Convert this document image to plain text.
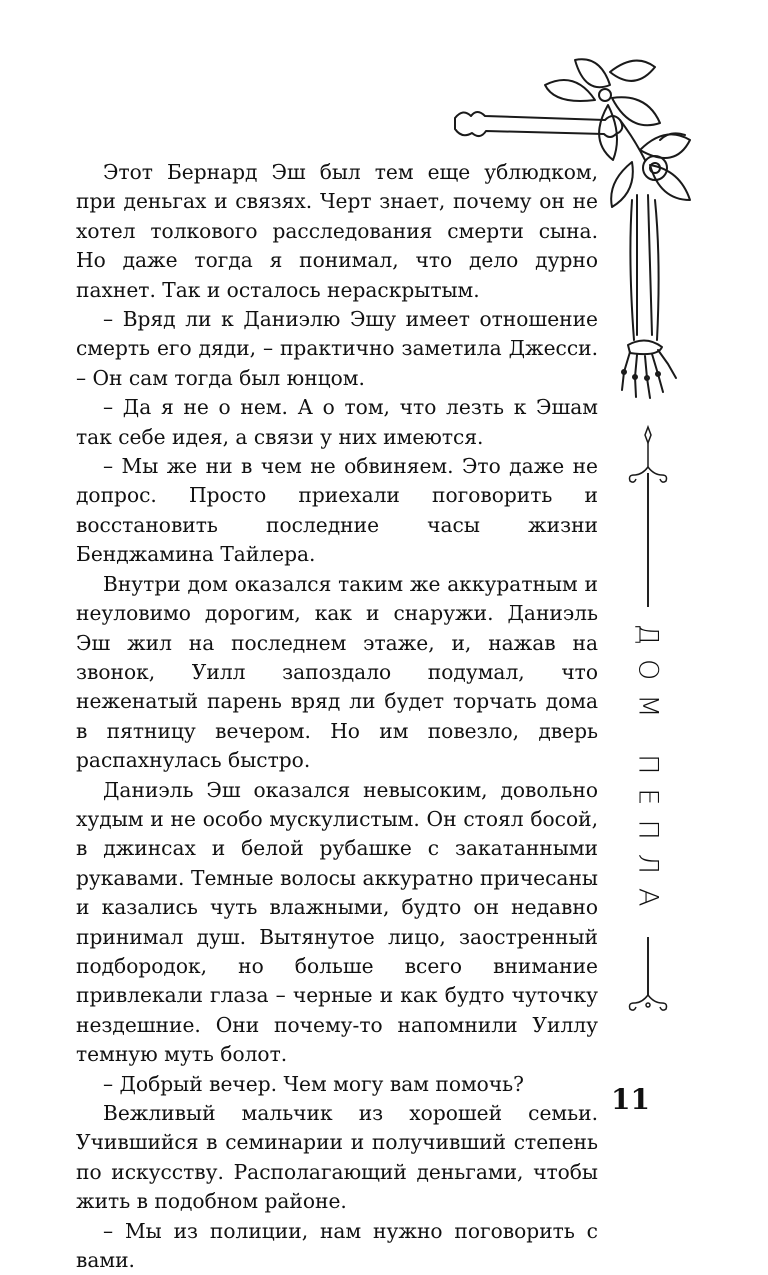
Этот Бернард Эш был тем еще ублюдком, при деньгах и связях. Черт знает, почему он не хотел толкового расследования смерти сына. Но даже тогда я понимал, что дело дурно пахнет. Так и осталось нераскрытым.

– Вряд ли к Даниэлю Эшу имеет отношение смерть его дяди, – практично заметила Джесси. – Он сам тогда был юнцом.

– Да я не о нем. А о том, что лезть к Эшам так себе идея, а связи у них имеются.

– Мы же ни в чем не обвиняем. Это даже не допрос. Просто приехали поговорить и восстановить последние часы жизни Бенджамина Тайлера.

Внутри дом оказался таким же аккуратным и неуловимо дорогим, как и снаружи. Даниэль Эш жил на последнем этаже, и, нажав на звонок, Уилл запоздало подумал, что неженатый парень вряд ли будет торчать дома в пятницу вечером. Но им повезло, дверь распахнулась быстро.

Даниэль Эш оказался невысоким, довольно худым и не особо мускулистым. Он стоял босой, в джинсах и белой рубашке с закатанными рукавами. Темные волосы аккуратно причесаны и казались чуть влажными, будто он недавно принимал душ. Вытянутое лицо, заостренный подбородок, но больше всего внимание привлекали глаза – черные и как будто чуточку нездешние. Они почему-то напомнили Уиллу темную муть болот.

– Добрый вечер. Чем могу вам помочь?

Вежливый мальчик из хорошей семьи. Учившийся в семинарии и получивший степень по искусству. Располагающий деньгами, чтобы жить в подобном районе.

– Мы из полиции, нам нужно поговорить с вами.

ДОМ ПЕПЛА
11
